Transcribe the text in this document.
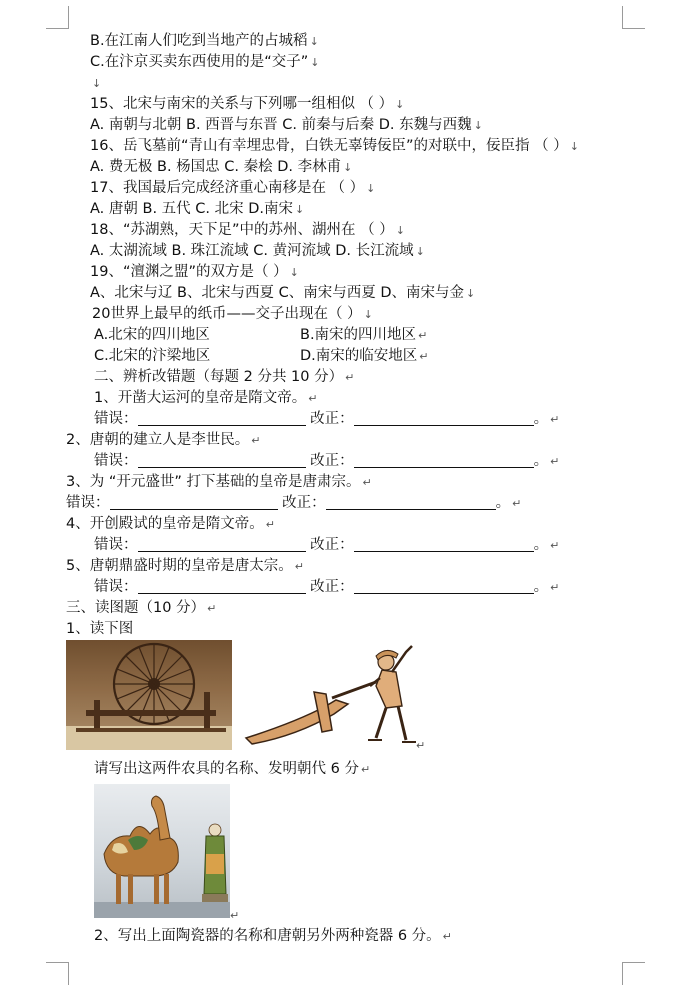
B.在江南人们吃到当地产的占城稻 ↓
C.在汴京买卖东西使用的是“交子” ↓
↓
15、北宋与南宋的关系与下列哪一组相似 （ ） ↓
A. 南朝与北朝 B. 西晋与东晋 C. 前秦与后秦 D. 东魏与西魏 ↓
16、岳飞墓前“青山有幸埋忠骨，白铁无辜铸佞臣”的对联中，佞臣指 （ ） ↓
A. 费无极 B. 杨国忠 C. 秦桧 D. 李林甫 ↓
17、我国最后完成经济重心南移是在 （ ） ↓
A. 唐朝 B. 五代 C. 北宋 D.南宋 ↓
18、“苏湖熟，天下足”中的苏州、湖州在 （ ） ↓
A. 太湖流域 B. 珠江流域 C. 黄河流域 D. 长江流域 ↓
19、“澶渊之盟”的双方是（ ） ↓
A、北宋与辽 B、北宋与西夏 C、南宋与西夏 D、南宋与金 ↓
20世界上最早的纸币——交子出现在（ ） ↓
A.北宋的四川地区	B.南宋的四川地区 ↵
C.北宋的汴梁地区	D.南宋的临安地区 ↵
二、辨析改错题（每题 2 分共 10 分） ↵
1、开凿大运河的皇帝是隋文帝。 ↵
错误：	改正：	。 ↵
2、唐朝的建立人是李世民。 ↵
错误：	改正：	。 ↵
3、为 “开元盛世” 打下基础的皇帝是唐肃宗。 ↵
错误：	改正：	。 ↵
4、开创殿试的皇帝是隋文帝。 ↵
错误：	改正：	。 ↵
5、唐朝鼎盛时期的皇帝是唐太宗。 ↵
错误：	改正：	。 ↵
三、读图题（10 分） ↵
1、读下图
↵
请写出这两件农具的名称、发明朝代 6 分 ↵
↵
2、写出上面陶瓷器的名称和唐朝另外两种瓷器 6 分。 ↵
